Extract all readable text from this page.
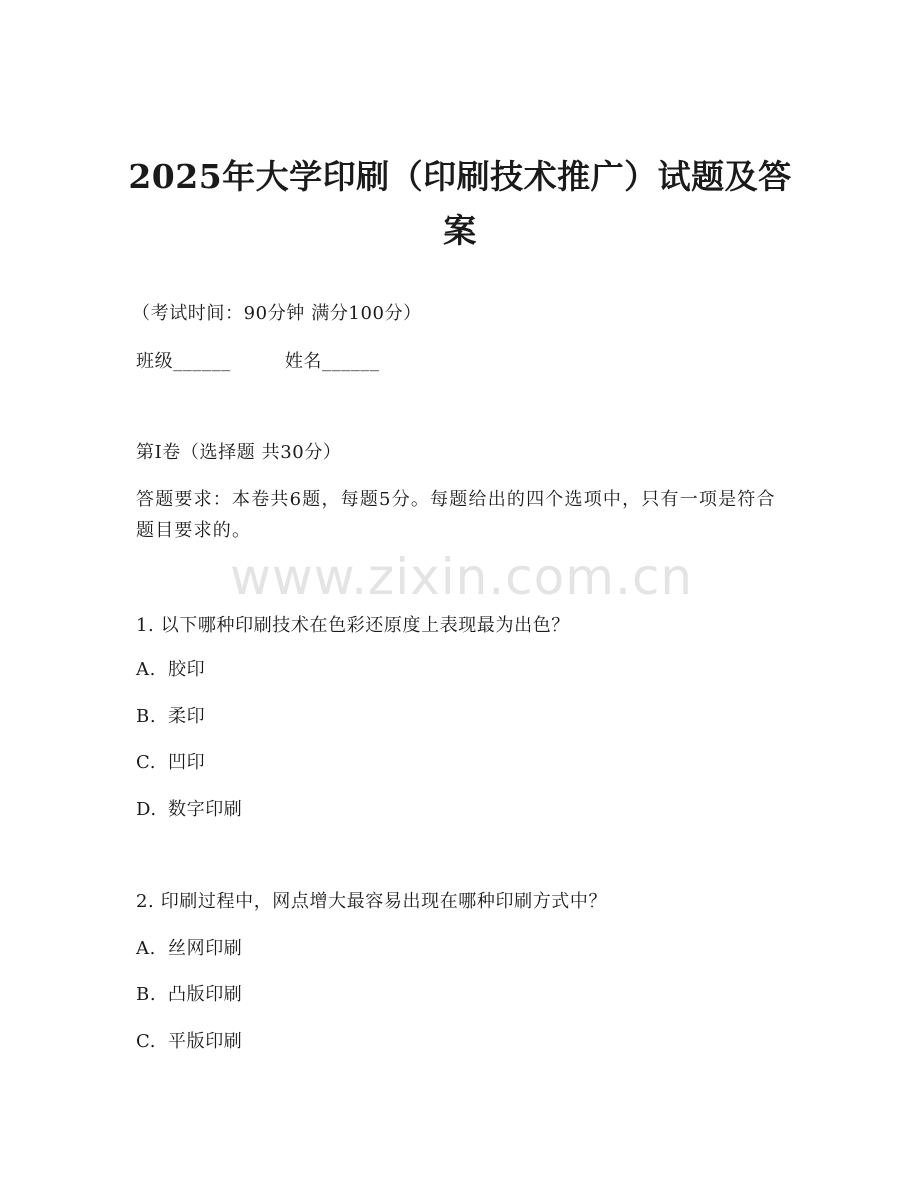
2025年大学印刷（印刷技术推广）试题及答
案
（考试时间：90分钟 满分100分）
班级______	姓名______
第I卷（选择题 共30分）
答题要求：本卷共6题，每题5分。每题给出的四个选项中，只有一项是符合题目要求的。
www.zixin.com.cn
1. 以下哪种印刷技术在色彩还原度上表现最为出色？
A. 胶印
B. 柔印
C. 凹印
D. 数字印刷
2. 印刷过程中，网点增大最容易出现在哪种印刷方式中？
A. 丝网印刷
B. 凸版印刷
C. 平版印刷
